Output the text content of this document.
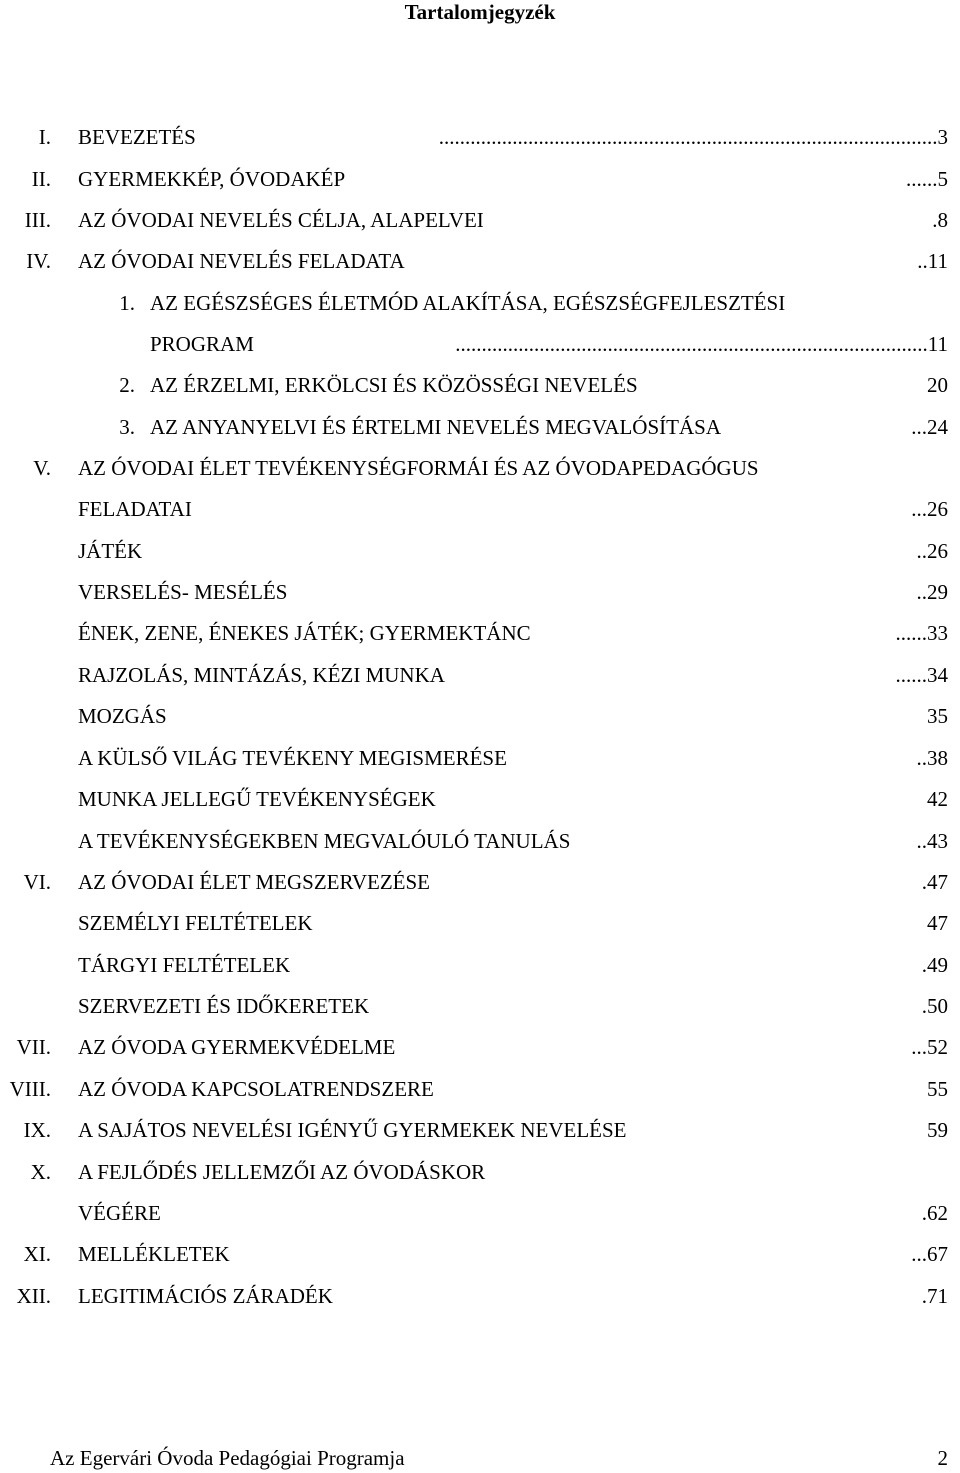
Tartalomjegyzék
I. BEVEZETÉS	............................................................................................... 3
II. GYERMEKKÉP, ÓVODAKÉP	...... 5
III. AZ ÓVODAI NEVELÉS CÉLJA, ALAPELVEI	. 8
IV. AZ ÓVODAI NEVELÉS FELADATA	.. 11
1. AZ EGÉSZSÉGES ÉLETMÓD ALAKÍTÁSA, EGÉSZSÉGFEJLESZTÉSI
PROGRAM	.......................................................................................... 11
2. AZ ÉRZELMI, ERKÖLCSI ÉS KÖZÖSSÉGI NEVELÉS	20
3. AZ ANYANYELVI ÉS ÉRTELMI NEVELÉS MEGVALÓSÍTÁSA	... 24
V. AZ ÓVODAI ÉLET TEVÉKENYSÉGFORMÁI ÉS AZ ÓVODAPEDAGÓGUS
FELADATAI	... 26
JÁTÉK	.. 26
VERSELÉS- MESÉLÉS	.. 29
ÉNEK, ZENE, ÉNEKES JÁTÉK; GYERMEKTÁNC	...... 33
RAJZOLÁS, MINTÁZÁS, KÉZI MUNKA	...... 34
MOZGÁS	35
A KÜLSŐ VILÁG TEVÉKENY MEGISMERÉSE	.. 38
MUNKA JELLEGŰ TEVÉKENYSÉGEK	42
A TEVÉKENYSÉGEKBEN MEGVALÓULÓ TANULÁS	.. 43
VI. AZ ÓVODAI ÉLET MEGSZERVEZÉSE	. 47
SZEMÉLYI FELTÉTELEK	47
TÁRGYI FELTÉTELEK	. 49
SZERVEZETI ÉS IDŐKERETEK	. 50
VII. AZ ÓVODA GYERMEKVÉDELME	... 52
VIII. AZ ÓVODA KAPCSOLATRENDSZERE	55
IX. A SAJÁTOS NEVELÉSI IGÉNYŰ GYERMEKEK NEVELÉSE	59
X. A FEJLŐDÉS JELLEMZŐI AZ ÓVODÁSKOR
VÉGÉRE	. 62
XI. MELLÉKLETEK	... 67
XII. LEGITIMÁCIÓS ZÁRADÉK	. 71
Az Egervári Óvoda Pedagógiai Programja	2
